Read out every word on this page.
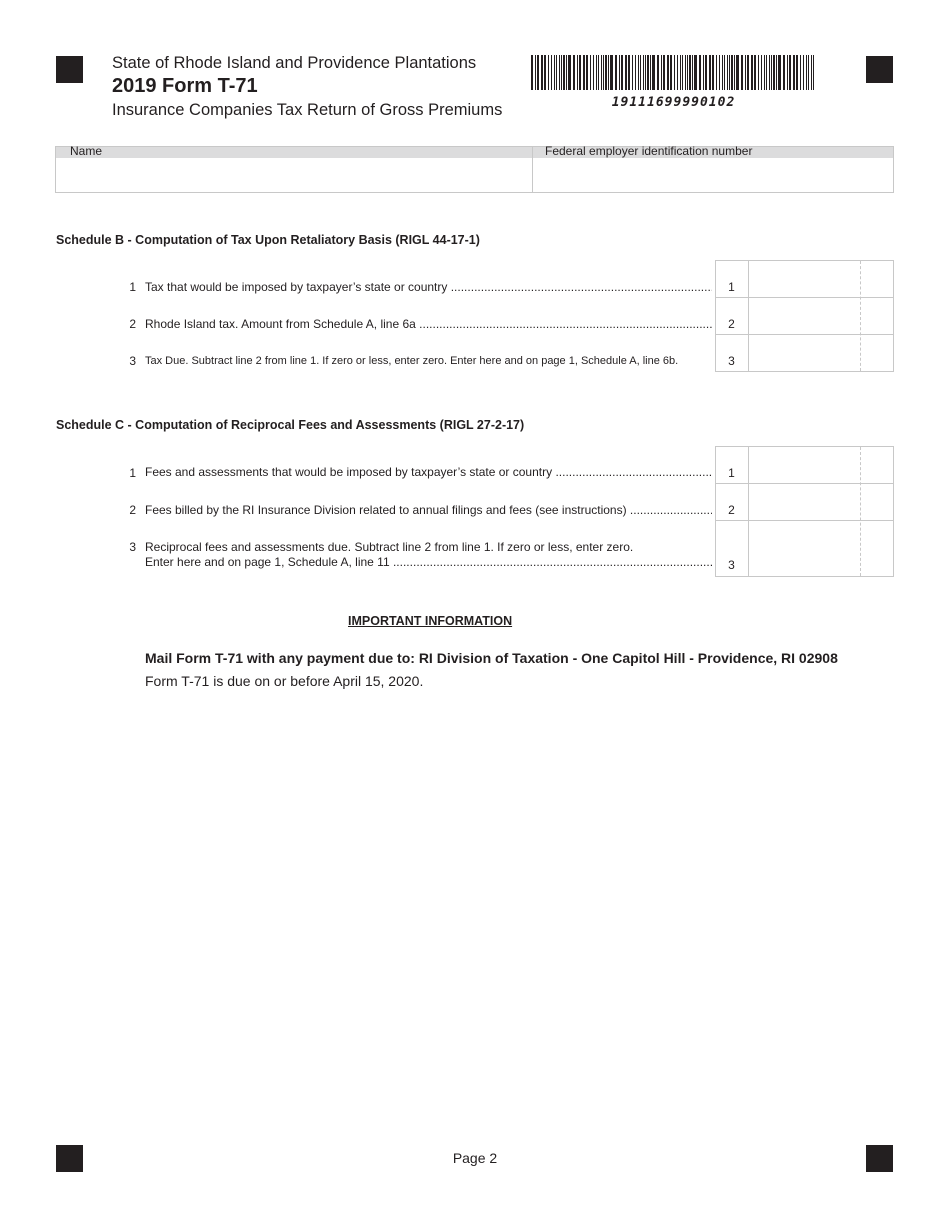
State of Rhode Island and Providence Plantations
2019 Form T-71
Insurance Companies Tax Return of Gross Premiums	19111699990102
Name	Federal employer identification number
Schedule B - Computation of Tax Upon Retaliatory Basis (RIGL 44-17-1)
1 Tax that would be imposed by taxpayer’s state or country .....	1
2 Rhode Island tax. Amount from Schedule A, line 6a .....	2
3 Tax Due. Subtract line 2 from line 1. If zero or less, enter zero. Enter here and on page 1, Schedule A, line 6b.	3
Schedule C - Computation of Reciprocal Fees and Assessments (RIGL 27-2-17)
1 Fees and assessments that would be imposed by taxpayer’s state or country .....	1
2 Fees billed by the RI Insurance Division related to annual filings and fees (see instructions) .....	2
3 Reciprocal fees and assessments due. Subtract line 2 from line 1. If zero or less, enter zero.
Enter here and on page 1, Schedule A, line 11 .....	3
IMPORTANT INFORMATION
Mail Form T-71 with any payment due to: RI Division of Taxation - One Capitol Hill - Providence, RI 02908
Form T-71 is due on or before April 15, 2020.
Page 2
